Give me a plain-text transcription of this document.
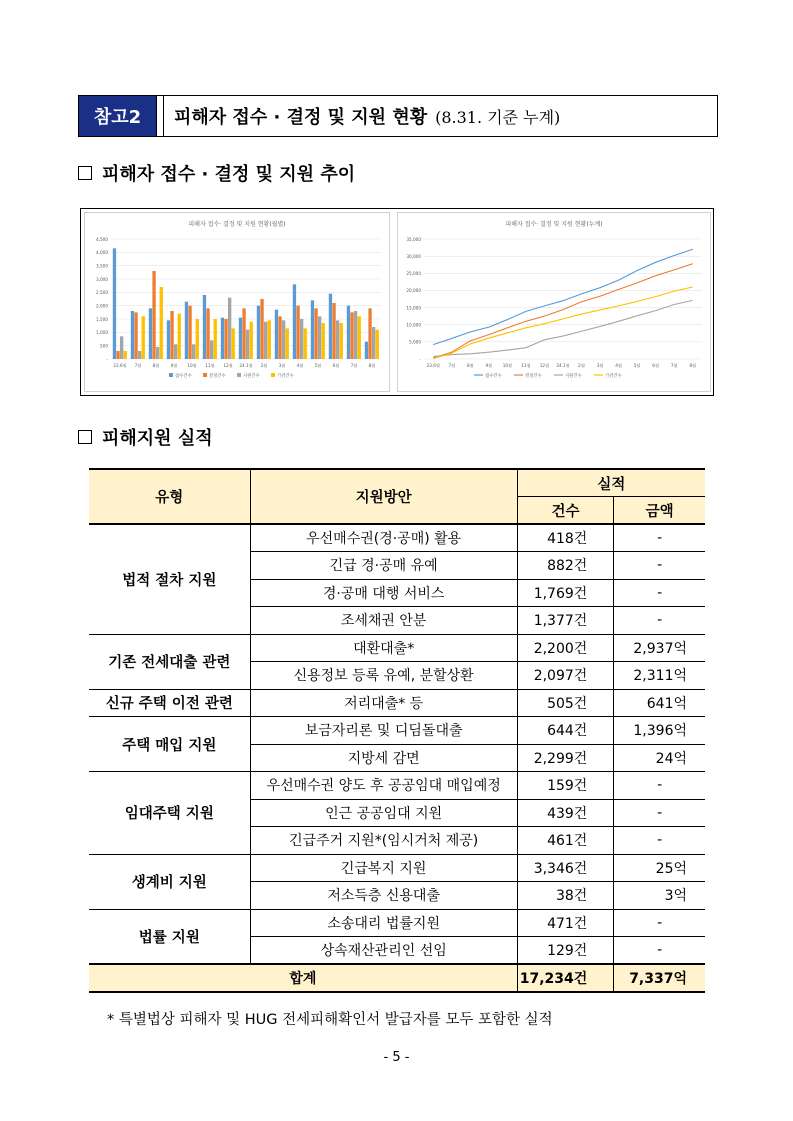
참고2	피해자 접수 · 결정 및 지원 현황 (8.31. 기준 누계)
피해자 접수 · 결정 및 지원 추이
피해자 접수· 결정 및 지원 현황(월별)
-
500
1,000
1,500
2,000
2,500
3,000
3,500
4,000
4,500
23.6월 7월	8월	9월 10월 11월 12월 24.1월 2월	3월	4월	5월	6월	7월	8월
접수건수	결정건수	지원건수	가결건수
피해자 접수· 결정 및 지원 현황(누계)
-
5,000
10,000
15,000
20,000
25,000
30,000
35,000
23.6월 7월	8월	9월 10월 11월 12월 24.1월 2월	3월	4월	5월	6월	7월	8월
접수건수	결정건수	지원건수	가결건수
피해지원 실적
유형	지원방안	실적	
		건수	금액
법적 절차 지원	우선매수권(경·공매) 활용	418건	-
	긴급 경·공매 유예	882건	-
	경·공매 대행 서비스	1,769건	-
	조세채권 안분	1,377건	-
기존 전세대출 관련	대환대출*	2,200건	2,937억
	신용정보 등록 유예, 분할상환	2,097건	2,311억
신규 주택 이전 관련	저리대출* 등	505건	641억
주택 매입 지원	보금자리론 및 디딤돌대출	644건	1,396억
	지방세 감면	2,299건	24억
임대주택 지원	우선매수권 양도 후 공공임대 매입예정	159건	-
	인근 공공임대 지원	439건	-
	긴급주거 지원*(임시거처 제공)	461건	-
생계비 지원	긴급복지 지원	3,346건	25억
	저소득층 신용대출	38건	3억
법률 지원	소송대리 법률지원	471건	-
	상속재산관리인 선임	129건	-
합계		17,234건	7,337억
* 특별법상 피해자 및 HUG 전세피해확인서 발급자를 모두 포함한 실적
- 5 -
